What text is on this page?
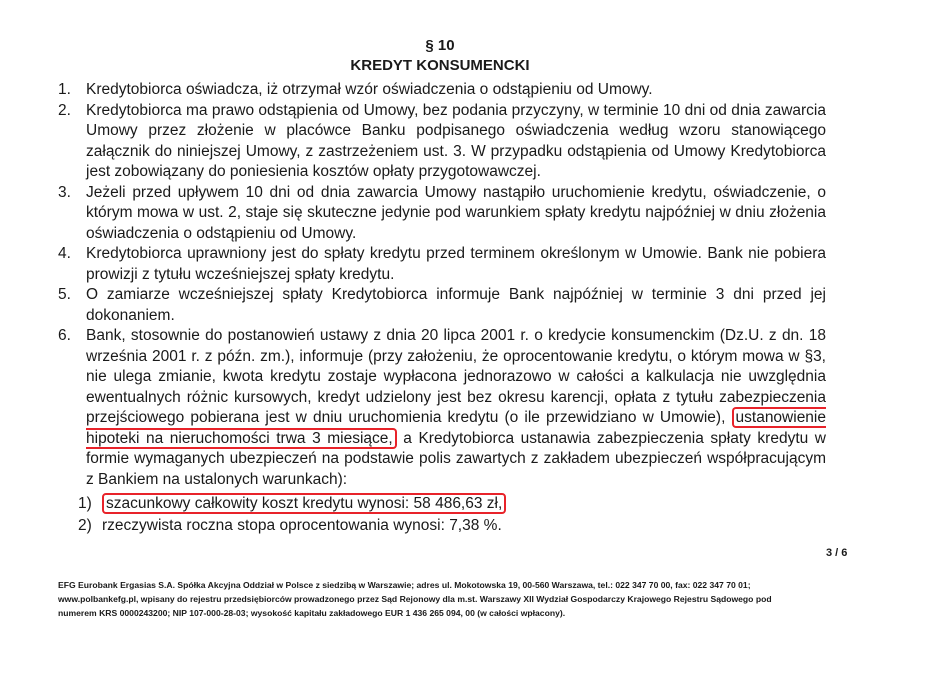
§ 10
KREDYT KONSUMENCKI
1. Kredytobiorca oświadcza, iż otrzymał wzór oświadczenia o odstąpieniu od Umowy.
2. Kredytobiorca ma prawo odstąpienia od Umowy, bez podania przyczyny, w terminie 10 dni od dnia zawarcia Umowy przez złożenie w placówce Banku podpisanego oświadczenia według wzoru stanowiącego załącznik do niniejszej Umowy, z zastrzeżeniem ust. 3. W przypadku odstąpienia od Umowy Kredytobiorca jest zobowiązany do poniesienia kosztów opłaty przygotowawczej.
3. Jeżeli przed upływem 10 dni od dnia zawarcia Umowy nastąpiło uruchomienie kredytu, oświadczenie, o którym mowa w ust. 2, staje się skuteczne jedynie pod warunkiem spłaty kredytu najpóźniej w dniu złożenia oświadczenia o odstąpieniu od Umowy.
4. Kredytobiorca uprawniony jest do spłaty kredytu przed terminem określonym w Umowie. Bank nie pobiera prowizji z tytułu wcześniejszej spłaty kredytu.
5. O zamiarze wcześniejszej spłaty Kredytobiorca informuje Bank najpóźniej w terminie 3 dni przed jej dokonaniem.
6. Bank, stosownie do postanowień ustawy z dnia 20 lipca 2001 r. o kredycie konsumenckim (Dz.U. z dn. 18 września 2001 r. z późn. zm.), informuje (przy założeniu, że oprocentowanie kredytu, o którym mowa w §3, nie ulega zmianie, kwota kredytu zostaje wypłacona jednorazowo w całości a kalkulacja nie uwzględnia ewentualnych różnic kursowych, kredyt udzielony jest bez okresu karencji, opłata z tytułu zabezpieczenia przejściowego pobierana jest w dniu uruchomienia kredytu (o ile przewidziano w Umowie), ustanowienie hipoteki na nieruchomości trwa 3 miesiące, a Kredytobiorca ustanawia zabezpieczenia spłaty kredytu w formie wymaganych ubezpieczeń na podstawie polis zawartych z zakładem ubezpieczeń współpracującym z Bankiem na ustalonych warunkach):
1) szacunkowy całkowity koszt kredytu wynosi: 58 486,63 zł,
2) rzeczywista roczna stopa oprocentowania wynosi: 7,38 %.
3 / 6
EFG Eurobank Ergasias S.A. Spółka Akcyjna Oddział w Polsce z siedzibą w Warszawie; adres ul. Mokotowska 19, 00-560 Warszawa, tel.: 022 347 70 00, fax: 022 347 70 01;
www.polbankefg.pl, wpisany do rejestru przedsiębiorców prowadzonego przez Sąd Rejonowy dla m.st. Warszawy XII Wydział Gospodarczy Krajowego Rejestru Sądowego pod
numerem KRS 0000243200; NIP 107-000-28-03; wysokość kapitału zakładowego EUR 1 436 265 094, 00 (w całości wpłacony).
